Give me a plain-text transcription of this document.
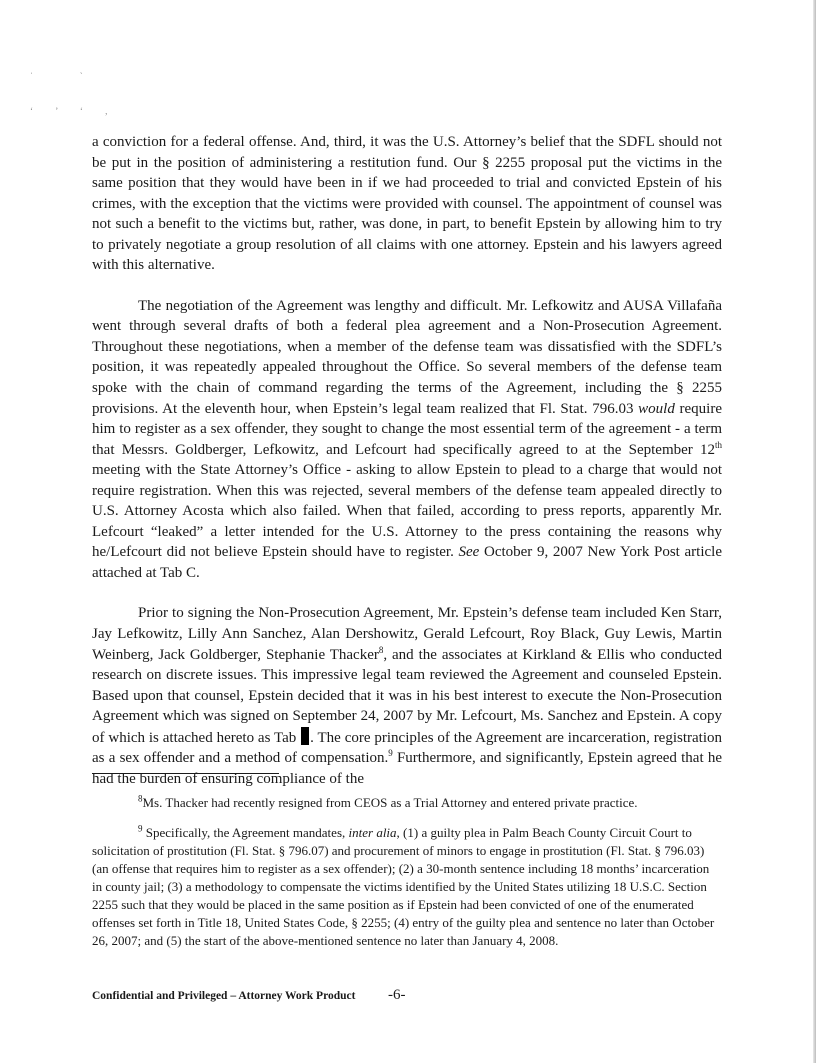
ˌ   ˎ

‘ ’ ʻ ,

a conviction for a federal offense. And, third, it was the U.S. Attorney’s belief that the SDFL should not be put in the position of administering a restitution fund. Our § 2255 proposal put the victims in the same position that they would have been in if we had proceeded to trial and convicted Epstein of his crimes, with the exception that the victims were provided with counsel. The appointment of counsel was not such a benefit to the victims but, rather, was done, in part, to benefit Epstein by allowing him to try to privately negotiate a group resolution of all claims with one attorney. Epstein and his lawyers agreed with this alternative.

The negotiation of the Agreement was lengthy and difficult. Mr. Lefkowitz and AUSA Villafaña went through several drafts of both a federal plea agreement and a Non-Prosecution Agreement. Throughout these negotiations, when a member of the defense team was dissatisfied with the SDFL’s position, it was repeatedly appealed throughout the Office. So several members of the defense team spoke with the chain of command regarding the terms of the Agreement, including the § 2255 provisions. At the eleventh hour, when Epstein’s legal team realized that Fl. Stat. 796.03 would require him to register as a sex offender, they sought to change the most essential term of the agreement - a term that Messrs. Goldberger, Lefkowitz, and Lefcourt had specifically agreed to at the September 12th meeting with the State Attorney’s Office - asking to allow Epstein to plead to a charge that would not require registration. When this was rejected, several members of the defense team appealed directly to U.S. Attorney Acosta which also failed. When that failed, according to press reports, apparently Mr. Lefcourt “leaked” a letter intended for the U.S. Attorney to the press containing the reasons why he/Lefcourt did not believe Epstein should have to register. See October 9, 2007 New York Post article attached at Tab C.

Prior to signing the Non-Prosecution Agreement, Mr. Epstein’s defense team included Ken Starr, Jay Lefkowitz, Lilly Ann Sanchez, Alan Dershowitz, Gerald Lefcourt, Roy Black, Guy Lewis, Martin Weinberg, Jack Goldberger, Stephanie Thacker$^8$, and the associates at Kirkland & Ellis who conducted research on discrete issues. This impressive legal team reviewed the Agreement and counseled Epstein. Based upon that counsel, Epstein decided that it was in his best interest to execute the Non-Prosecution Agreement which was signed on September 24, 2007 by Mr. Lefcourt, Ms. Sanchez and Epstein. A copy of which is attached hereto as Tab . The core principles of the Agreement are incarceration, registration as a sex offender and a method of compensation.$^9$ Furthermore, and significantly, Epstein agreed that he had the burden of ensuring compliance of the

$^8$Ms. Thacker had recently resigned from CEOS as a Trial Attorney and entered private practice.

$^9$ Specifically, the Agreement mandates, inter alia, (1) a guilty plea in Palm Beach County Circuit Court to solicitation of prostitution (Fl. Stat. § 796.07) and procurement of minors to engage in prostitution (Fl. Stat. § 796.03) (an offense that requires him to register as a sex offender); (2) a 30-month sentence including 18 months’ incarceration in county jail; (3) a methodology to compensate the victims identified by the United States utilizing 18 U.S.C. Section 2255 such that they would be placed in the same position as if Epstein had been convicted of one of the enumerated offenses set forth in Title 18, United States Code, § 2255; (4) entry of the guilty plea and sentence no later than October 26, 2007; and (5) the start of the above-mentioned sentence no later than January 4, 2008.

Confidential and Privileged – Attorney Work Product -6-
